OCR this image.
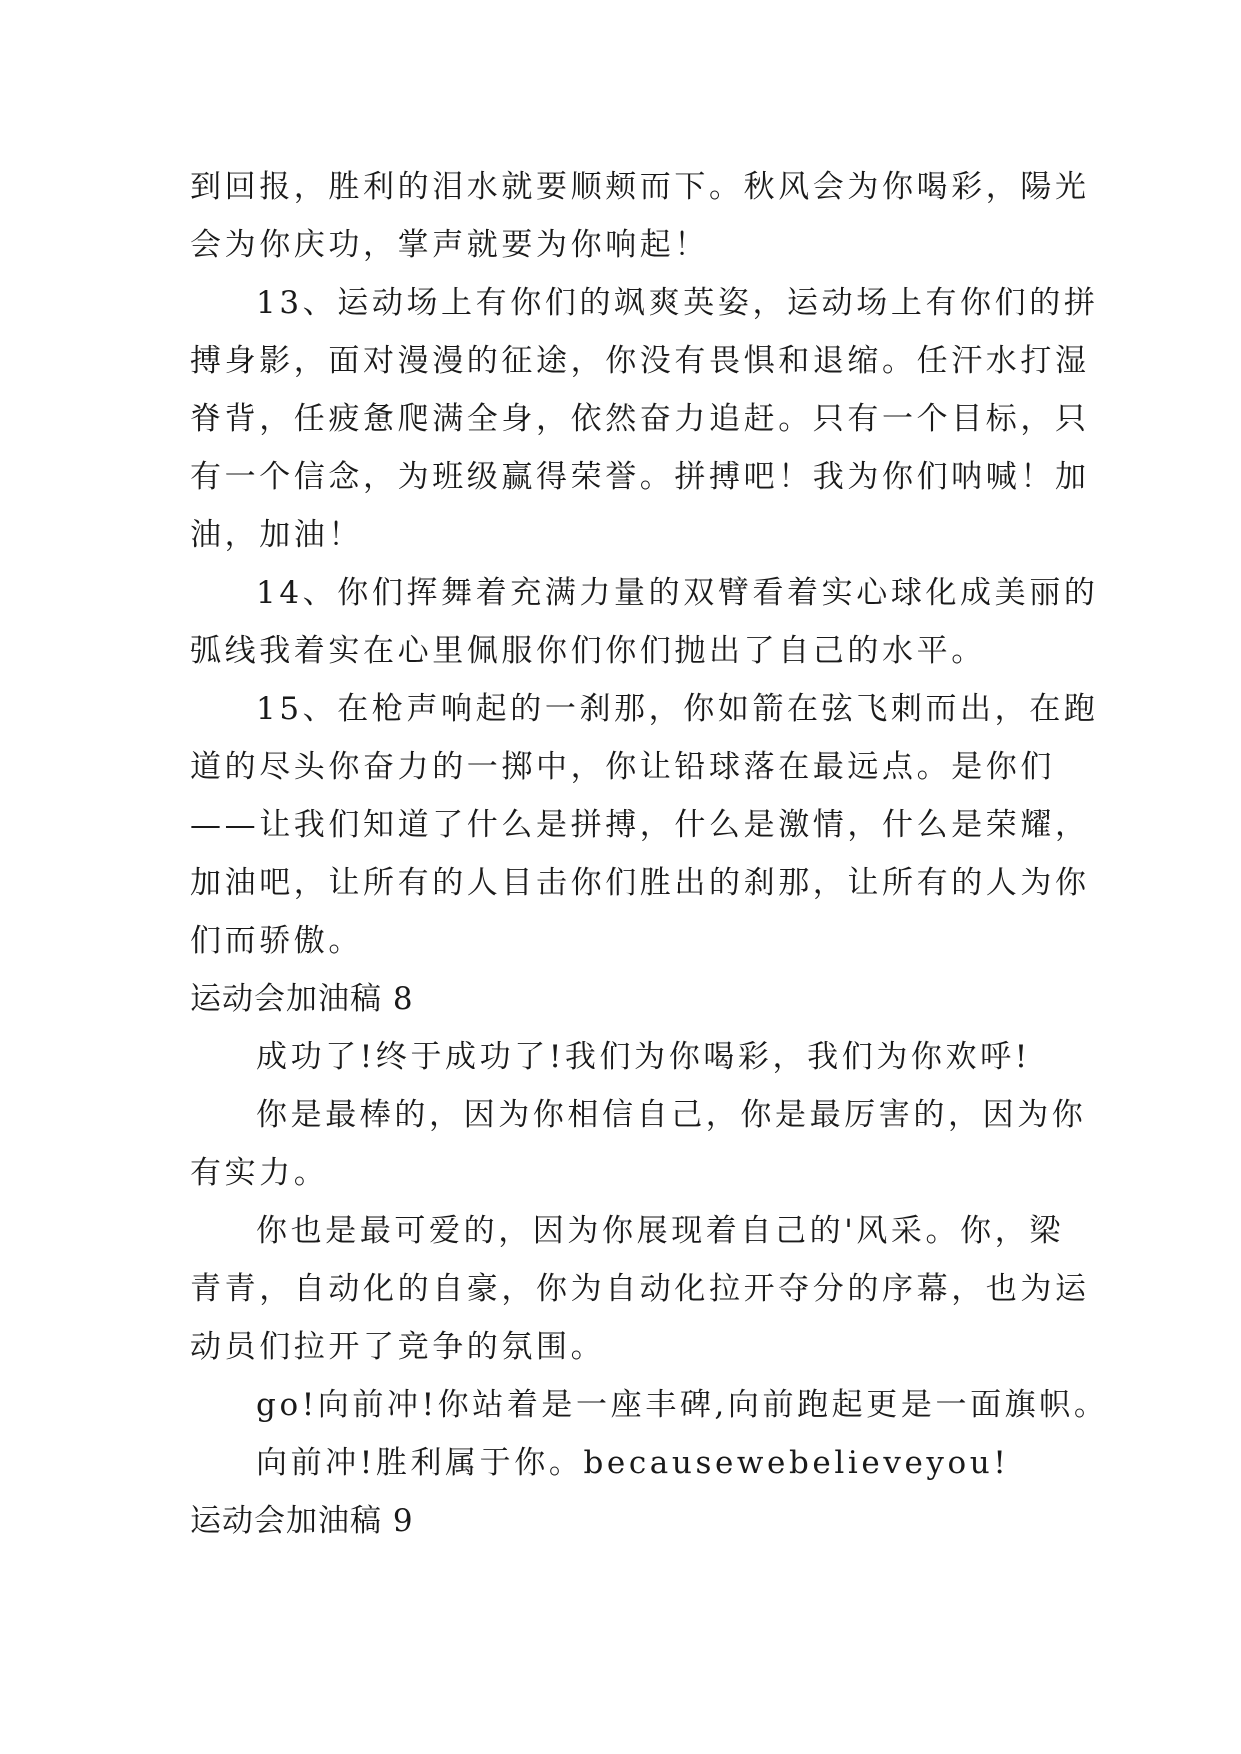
到回报，胜利的泪水就要顺颊而下。秋风会为你喝彩，陽光
会为你庆功，掌声就要为你响起！
13、运动场上有你们的飒爽英姿，运动场上有你们的拼
搏身影，面对漫漫的征途，你没有畏惧和退缩。任汗水打湿
脊背，任疲惫爬满全身，依然奋力追赶。只有一个目标，只
有一个信念，为班级赢得荣誉。拼搏吧！我为你们呐喊！加
油，加油！
14、你们挥舞着充满力量的双臂看着实心球化成美丽的
弧线我着实在心里佩服你们你们抛出了自己的水平。
15、在枪声响起的一刹那，你如箭在弦飞刺而出，在跑
道的尽头你奋力的一掷中，你让铅球落在最远点。是你们
——让我们知道了什么是拼搏，什么是激情，什么是荣耀，
加油吧，让所有的人目击你们胜出的刹那，让所有的人为你
们而骄傲。
运动会加油稿 8
成功了!终于成功了!我们为你喝彩，我们为你欢呼!
你是最棒的，因为你相信自己，你是最厉害的，因为你
有实力。
你也是最可爱的，因为你展现着自己的'风采。你，梁
青青，自动化的自豪，你为自动化拉开夺分的序幕，也为运
动员们拉开了竞争的氛围。
go!向前冲!你站着是一座丰碑,向前跑起更是一面旗帜。
向前冲!胜利属于你。becausewebelieveyou!
运动会加油稿 9
